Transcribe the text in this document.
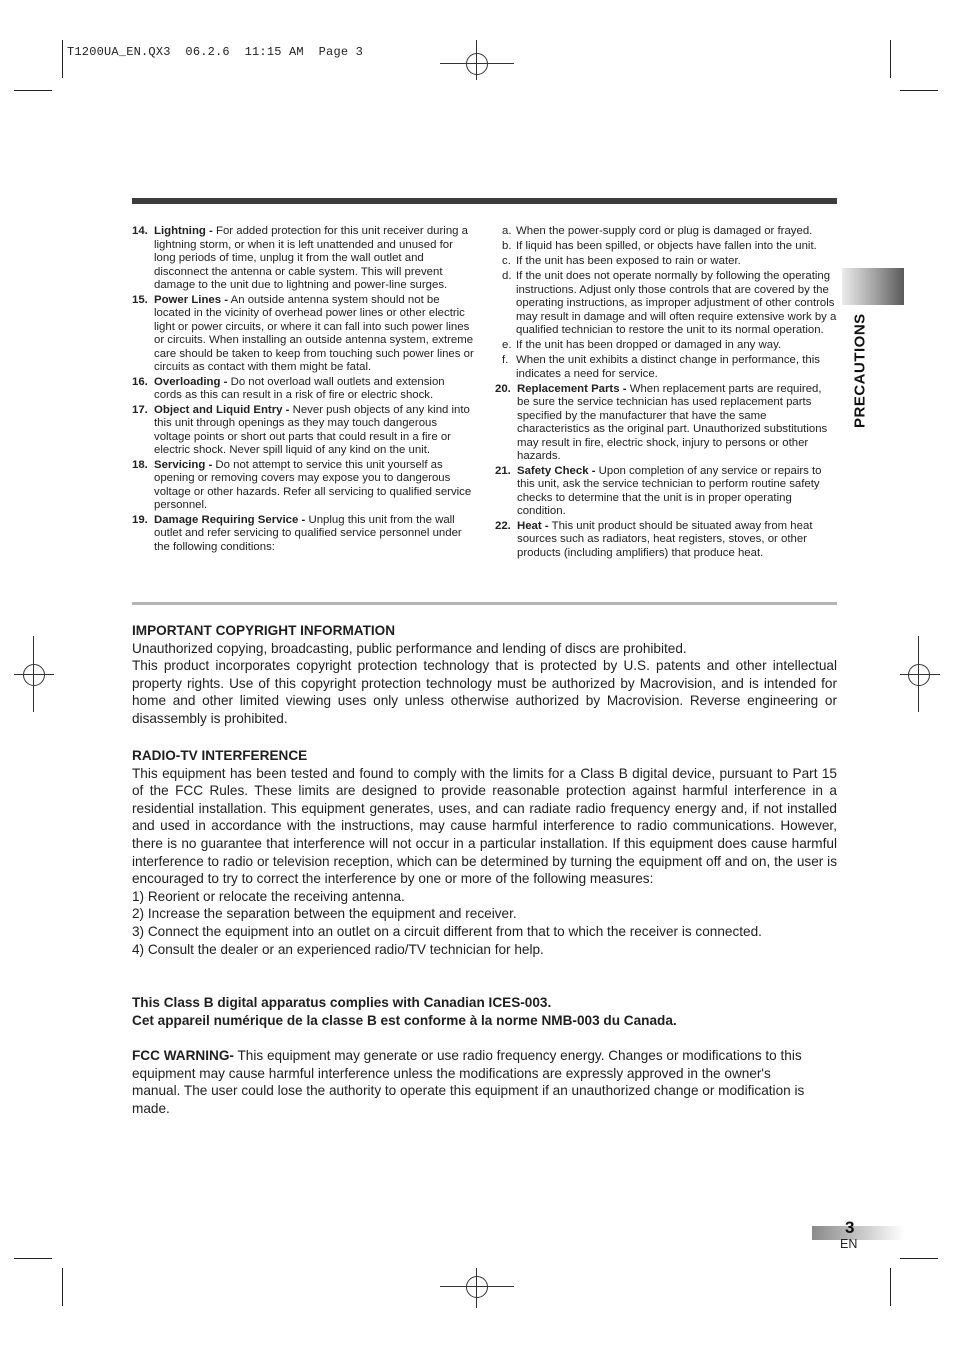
T1200UA_EN.QX3  06.2.6  11:15 AM  Page 3
14. Lightning - For added protection for this unit receiver during a lightning storm, or when it is left unattended and unused for long periods of time, unplug it from the wall outlet and disconnect the antenna or cable system. This will prevent damage to the unit due to lightning and power-line surges.
15. Power Lines - An outside antenna system should not be located in the vicinity of overhead power lines or other electric light or power circuits, or where it can fall into such power lines or circuits. When installing an outside antenna system, extreme care should be taken to keep from touching such power lines or circuits as contact with them might be fatal.
16. Overloading - Do not overload wall outlets and extension cords as this can result in a risk of fire or electric shock.
17. Object and Liquid Entry - Never push objects of any kind into this unit through openings as they may touch dangerous voltage points or short out parts that could result in a fire or electric shock. Never spill liquid of any kind on the unit.
18. Servicing - Do not attempt to service this unit yourself as opening or removing covers may expose you to dangerous voltage or other hazards. Refer all servicing to qualified service personnel.
19. Damage Requiring Service - Unplug this unit from the wall outlet and refer servicing to qualified service personnel under the following conditions:
a. When the power-supply cord or plug is damaged or frayed.
b. If liquid has been spilled, or objects have fallen into the unit.
c. If the unit has been exposed to rain or water.
d. If the unit does not operate normally by following the operating instructions. Adjust only those controls that are covered by the operating instructions, as improper adjustment of other controls may result in damage and will often require extensive work by a qualified technician to restore the unit to its normal operation.
e. If the unit has been dropped or damaged in any way.
f. When the unit exhibits a distinct change in performance, this indicates a need for service.
20. Replacement Parts - When replacement parts are required, be sure the service technician has used replacement parts specified by the manufacturer that have the same characteristics as the original part. Unauthorized substitutions may result in fire, electric shock, injury to persons or other hazards.
21. Safety Check - Upon completion of any service or repairs to this unit, ask the service technician to perform routine safety checks to determine that the unit is in proper operating condition.
22. Heat - This unit product should be situated away from heat sources such as radiators, heat registers, stoves, or other products (including amplifiers) that produce heat.
PRECAUTIONS

IMPORTANT COPYRIGHT INFORMATION

Unauthorized copying, broadcasting, public performance and lending of discs are prohibited.

This product incorporates copyright protection technology that is protected by U.S. patents and other intellectual property rights. Use of this copyright protection technology must be authorized by Macrovision, and is intended for home and other limited viewing uses only unless otherwise authorized by Macrovision. Reverse engineering or disassembly is prohibited.

RADIO-TV INTERFERENCE

This equipment has been tested and found to comply with the limits for a Class B digital device, pursuant to Part 15 of the FCC Rules. These limits are designed to provide reasonable protection against harmful interference in a residential installation. This equipment generates, uses, and can radiate radio frequency energy and, if not installed and used in accordance with the instructions, may cause harmful interference to radio communications. However, there is no guarantee that interference will not occur in a particular installation. If this equipment does cause harmful interference to radio or television reception, which can be determined by turning the equipment off and on, the user is encouraged to try to correct the interference by one or more of the following measures:

1) Reorient or relocate the receiving antenna.

2) Increase the separation between the equipment and receiver.

3) Connect the equipment into an outlet on a circuit different from that to which the receiver is connected.

4) Consult the dealer or an experienced radio/TV technician for help.

This Class B digital apparatus complies with Canadian ICES-003.

Cet appareil numérique de la classe B est conforme à la norme NMB-003 du Canada.

FCC WARNING- This equipment may generate or use radio frequency energy. Changes or modifications to this equipment may cause harmful interference unless the modifications are expressly approved in the owner's manual. The user could lose the authority to operate this equipment if an unauthorized change or modification is made.

3
EN
